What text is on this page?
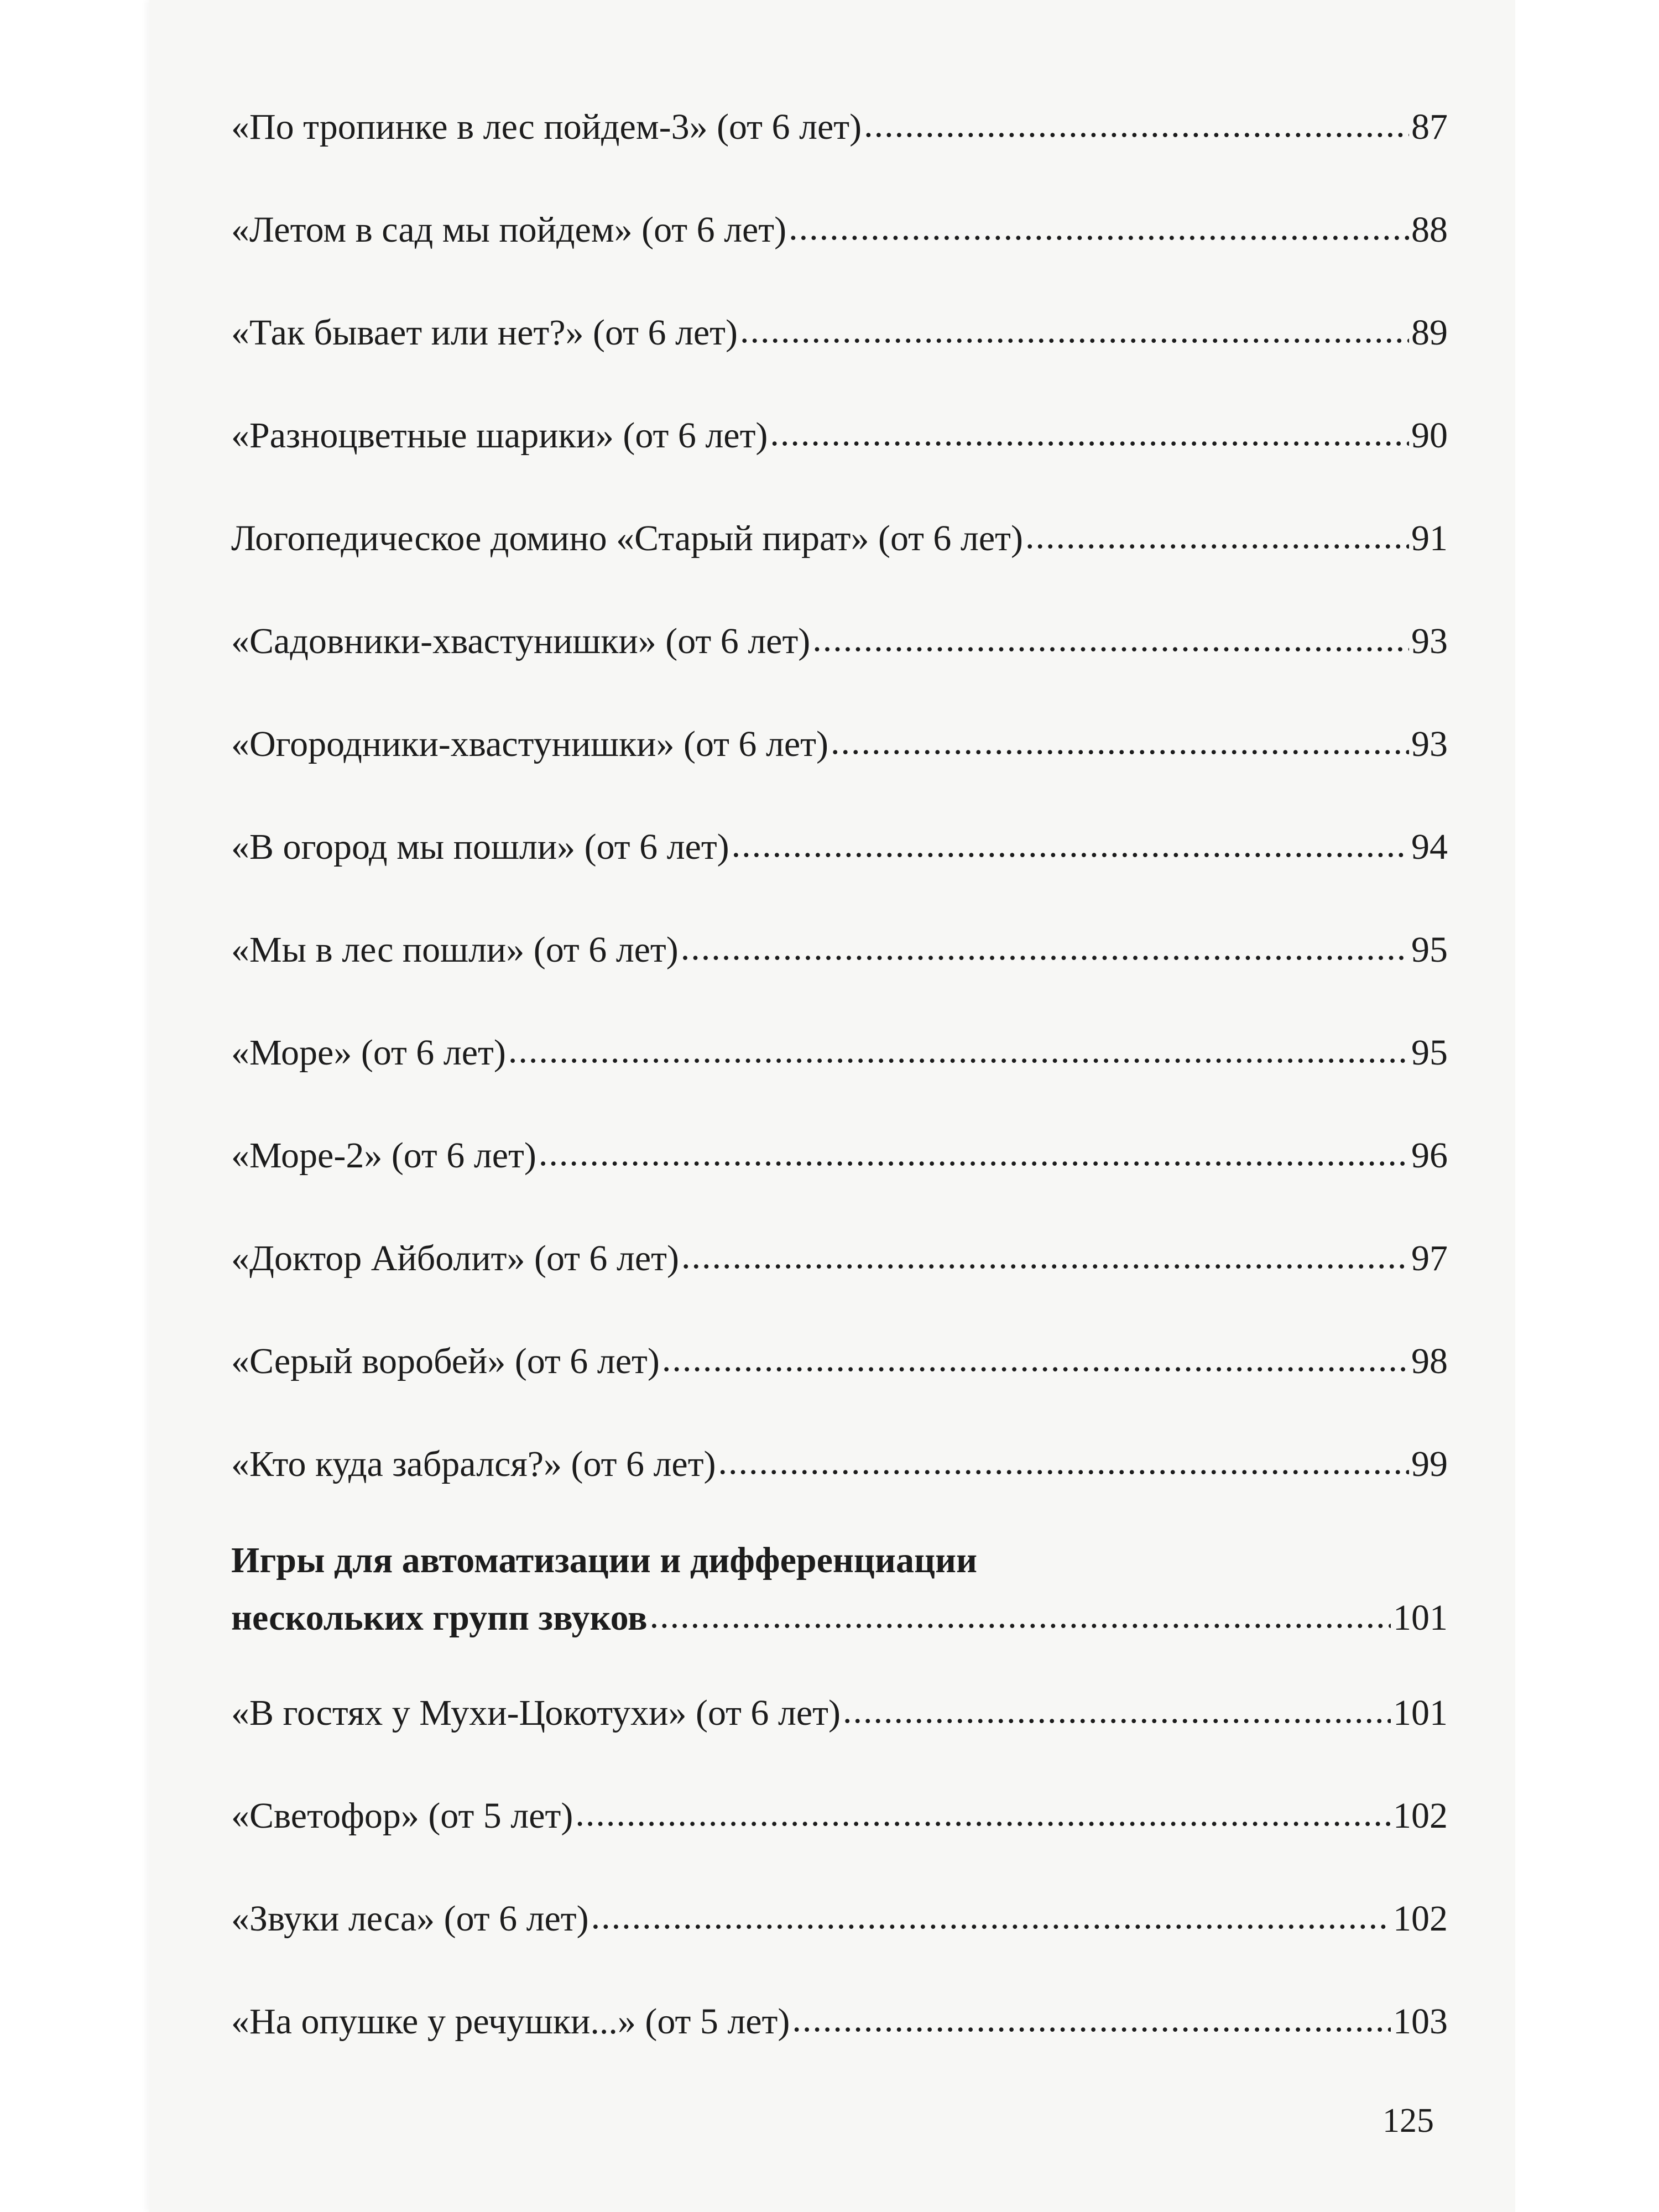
«По тропинке в лес пойдем-3» (от 6 лет) .....	87
«Летом в сад мы пойдем» (от 6 лет) .....	88
«Так бывает или нет?» (от 6 лет) .....	89
«Разноцветные шарики» (от 6 лет) .....	90
Логопедическое домино «Старый пират» (от 6 лет) .....	91
«Садовники-хвастунишки» (от 6 лет) .....	93
«Огородники-хвастунишки» (от 6 лет) .....	93
«В огород мы пошли» (от 6 лет) .....	94
«Мы в лес пошли» (от 6 лет) .....	95
«Море» (от 6 лет) .....	95
«Море-2» (от 6 лет) .....	96
«Доктор Айболит» (от 6 лет) .....	97
«Серый воробей» (от 6 лет) .....	98
«Кто куда забрался?» (от 6 лет) .....	99
Игры для автоматизации и дифференциации
нескольких групп звуков .....	101
«В гостях у Мухи-Цокотухи» (от 6 лет) .....	101
«Светофор» (от 5 лет) .....	102
«Звуки леса» (от 6 лет) .....	102
«На опушке у речушки...» (от 5 лет) .....	103
125
